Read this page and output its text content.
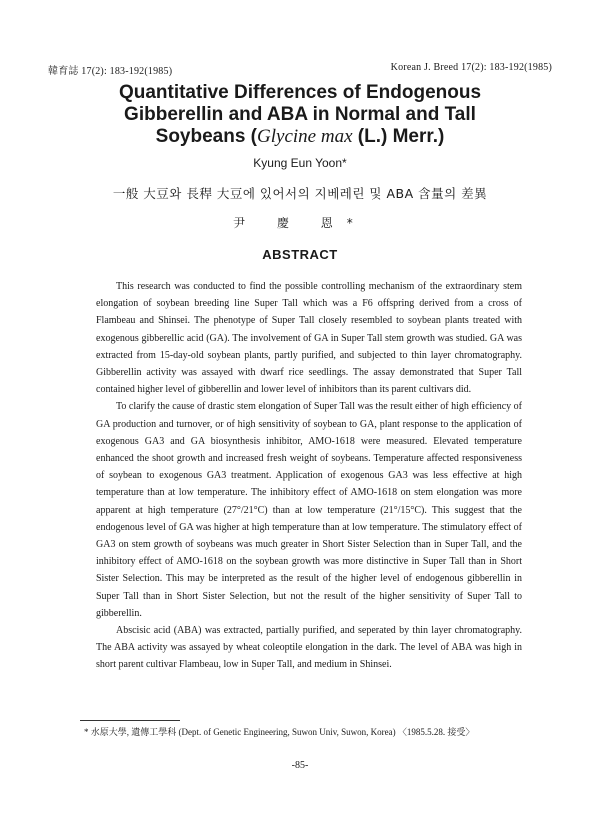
韓育誌 17(2): 183-192(1985)	Korean J. Breed 17(2): 183-192(1985)
Quantitative Differences of Endogenous
Gibberellin and ABA in Normal and Tall
Soybeans (Glycine max (L.) Merr.)
Kyung Eun Yoon*
一般 大豆와 長稈 大豆에 있어서의 지베레린 및 ABA 含量의 差異
尹 慶 恩*
ABSTRACT

This research was conducted to find the possible controlling mechanism of the extraordinary stem elongation of soybean breeding line Super Tall which was a F6 offspring derived from a cross of Flambeau and Shinsei. The phenotype of Super Tall closely resembled to soybean plants treated with exogenous gibberellic acid (GA). The involvement of GA in Super Tall stem growth was studied. GA was extracted from 15-day-old soybean plants, partly purified, and subjected to thin layer chromatography. Gibberellin activity was assayed with dwarf rice seedlings. The assay demonstrated that Super Tall contained higher level of gibberellin and lower level of inhibitors than its parent cultivars did.

To clarify the cause of drastic stem elongation of Super Tall was the result either of high efficiency of GA production and turnover, or of high sensitivity of soybean to GA, plant response to the application of exogenous GA3 and GA biosynthesis inhibitor, AMO-1618 were measured. Elevated temperature enhanced the shoot growth and increased fresh weight of soybeans. Temperature affected responsiveness of soybean to exogenous GA3 treatment. Application of exogenous GA3 was less effective at high temperature than at low temperature. The inhibitory effect of AMO-1618 on stem elongation was more apparent at high temperature (27°/21°C) than at low temperature (21°/15°C). This suggest that the endogenous level of GA was higher at high temperature than at low temperature. The stimulatory effect of GA3 on stem growth of soybeans was much greater in Short Sister Selection than in Super Tall, and the inhibitory effect of AMO-1618 on the soybean growth was more distinctive in Super Tall than in Short Sister Selection. This may be interpreted as the result of the higher level of endogenous gibberellin in Super Tall than in Short Sister Selection, but not the result of the higher sensitivity of Super Tall to gibberellin.

Abscisic acid (ABA) was extracted, partially purified, and seperated by thin layer chromatography. The ABA activity was assayed by wheat coleoptile elongation in the dark. The level of ABA was high in short parent cultivar Flambeau, low in Super Tall, and medium in Shinsei.

* 水原大學, 遺傳工學科 (Dept. of Genetic Engineering, Suwon Univ, Suwon, Korea) 〈1985.5.28. 接受〉
-85-
